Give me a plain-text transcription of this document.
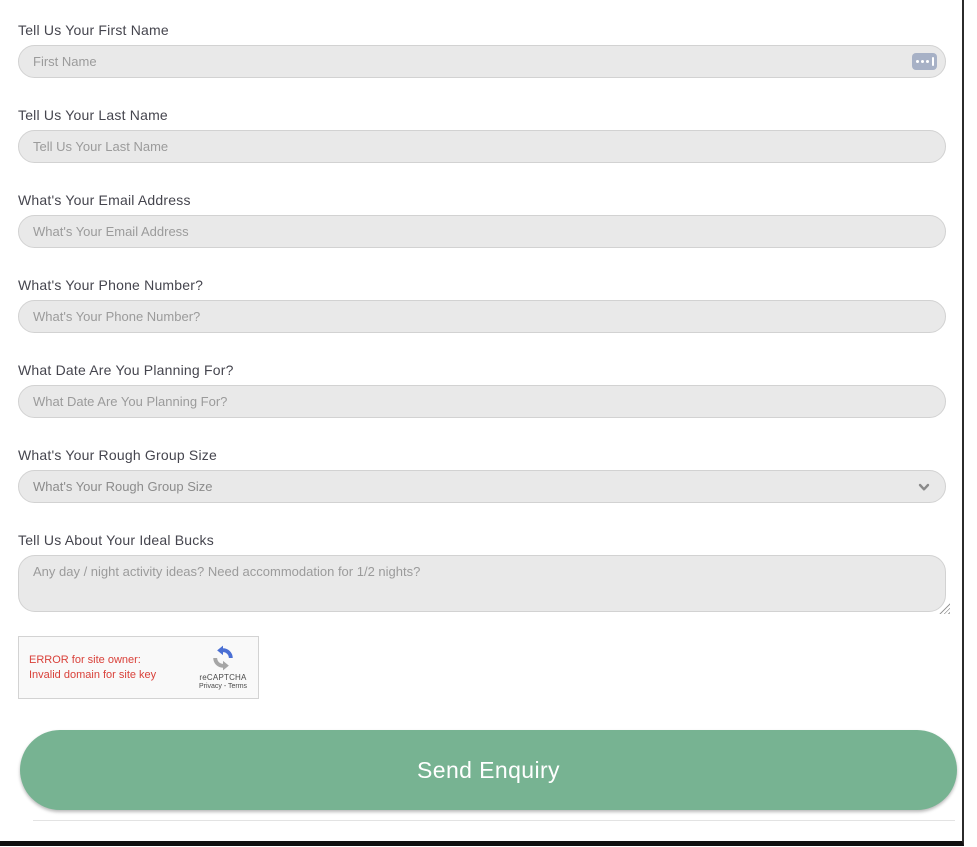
Tell Us Your First Name
First Name
Tell Us Your Last Name
Tell Us Your Last Name
What's Your Email Address
What's Your Email Address
What's Your Phone Number?
What's Your Phone Number?
What Date Are You Planning For?
What Date Are You Planning For?
What's Your Rough Group Size
What's Your Rough Group Size
Tell Us About Your Ideal Bucks
Any day / night activity ideas? Need accommodation for 1/2 nights?
ERROR for site owner:
Invalid domain for site key	reCAPTCHA
Privacy - Terms
Send Enquiry
